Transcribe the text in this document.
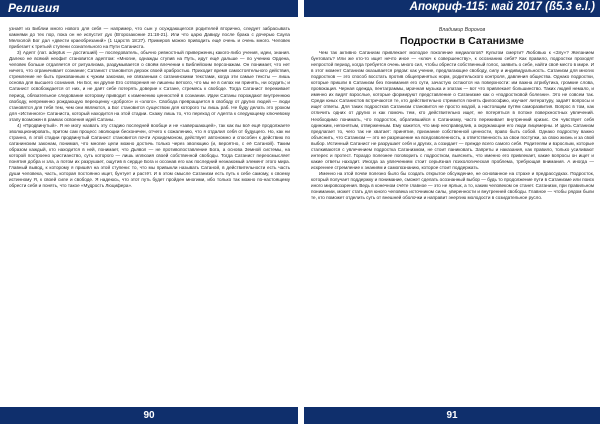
Религия	Апокриф-115: май 2017 (ß5.3 e.l.)

узнаёт из Библии много нового для себя — например, что сын у осуждающегося родителей вторично, следует забрасывать камнями до тех пор, пока он не испустит дух (Второзаконие 21:18-21). Или что царю Давиду после брака с дочерью Саула Мелхолой Бог дал «двести краеобрезаний» (1 Царств 18:27). Примеров можно приводить ещё очень и очень много. Человек прибегает к третьей ступени сознательного на Пути Сатаниста.

3) Адепт (лат. adeptus — достигший) — последователь, обычно ревностный приверженец какого-либо учения, идеи, знания. Далеко не всякий неофит становится адептом: «Многие, однажды ступив на Путь, идут ещё дальше — по учению Ордена, человек больше отдаляется от ритуализма, раздумывается о своём влечении к Библейским персонажам. Он понимает, что нет ничего, что ограничивает сознание; Сатанист становится дерзок своей храбростью. Приходит время самостоятельного действия, стремление не быть прикованным к чужим законам, не связанным с сатанинскими текстами, когда эти самые тексты — лишь основа для высшего сознания. Ни Бог, ни другие Его сотворения не лишены ветхого, что мы не в силах ни принять, ни осудить; и Сатанист освобождается от них, и не даёт себе потерять доверие к Сатане, стремясь к свободе. Тогда Сатанист переживает период, обязательное следование которому приводит к изменению ценностей в сознании. Идеи Сатаны порождают внутреннюю свободу, непременно рождающую переоценку «доброго» и «злого». Свобода превращается в свободу от других людей — люди становятся для тебя тем, чем они являются, а Бог становится существом для которого ты лишь раб. Не буду делать это уроком для «Истинного» Сатаниста, который находится на этой стадии. Скажу лишь то, что переход от Адепта к следующему ключевому этапу возможен в рамках освоения идей Сатаны.

4) «Продвинутый». Я не могу назвать эту стадию последней вообще и не «завершающей», так как вы всё ещё продолжаете эволюционировать, притом сам процесс эволюции бесконечен, отчего к сожалению, что я отдалил себя от будущего. Но, как ни странно, в этой стадии продвинутый Сатанист становится почти Архидемоном, действует автономно и способен к действию по сатанинским законам, понимая, что многие цели можно достичь только через эволюцию (и, вероятно, с её Сатаной). Таким образом каждый, кто находится в ней, понимает, что Дьявол — не противопоставление Бога, а основа Земной системы, на которой построено христианство, суть которого — лишь иллюзия своей собственной свободы. Тогда Сатанист переосмысляет понятия добра и зла, а потом их разрушает, ощутив в сердце Бога и осознав его как последний незнакомый элемент этого мира. Главный вывод, к которому я пришёл на этой ступени: то, что мы привыкли называть Сатаной, в действительности есть часть души человека, часть, которая постоянно ищет, бунтует и растёт. И в этом смысле Сатанизм есть путь к себе самому, к своему истинному Я, к своей силе и свободе. Я надеюсь, что этот путь будет пройден многими, ибо только так можно по-настоящему обрести себя и понять, что такое «Мудрость Люцифера».

Владимир Воронов
Подростки в Сатанизме

Чем так активно Сатанизм привлекает молодое поколение медиалогов? Культом смерти? Любовью к «Злу»? Желанием бунтовать? Или же кто-то ищет нечто иное — «ключ к совершенству», к осознанию себя? Как правило, подростки проходят непростой период, когда требуется очень много сил, чтобы обрести собственный голос, заявить о себе, найти своё место в мире. И в этот момент Сатанизм оказывается рядом: как учение, предлагающее свободу, силу и индивидуальность. Сатанизм для многих подростков — это способ восстать против общепринятых норм, родительского контроля, давления общества. Однако подростки, которые пришли в Сатанизм без понимания его сути, зачастую остаются на поверхности: им важна атрибутика, громкие слова, провокация. Черная одежда, пентаграммы, мрачная музыка и эпатаж — вот что привлекает большинство. Таких людей немало, и именно их видят взрослые, которые формируют представление о Сатанизме как о «подростковой болезни». Это не совсем так. Среди юных Сатанистов встречаются те, кто действительно стремится понять философию, изучает литературу, задаёт вопросы и ищет ответы. Для таких подростков Сатанизм становится не просто модой, а настоящим путём саморазвития. Вопрос в том, как отличить одних от других и как помочь тем, кто действительно ищет, не потеряться в потоке поверхностных увлечений. Необходимо понимать, что подросток, обратившийся к Сатанизму, часто переживает внутренний кризис. Он чувствует себя одиноким, непонятым, отверженным. Ему кажется, что мир несправедлив, а окружающие его люди лицемерны. И здесь Сатанизм предлагает то, чего так не хватает: принятие, признание собственной ценности, право быть собой. Однако подростку важно объяснить, что Сатанизм — это не разрешение на вседозволенность, а ответственность за свои поступки, за свою жизнь и за свой выбор. Истинный Сатанист не разрушает себя и других, а созидает — прежде всего самого себя. Родителям и взрослым, которые сталкиваются с увлечением подростка Сатанизмом, не стоит паниковать. Запреты и наказания, как правило, только усиливают интерес и протест. Гораздо полезнее поговорить с подростком, выяснить, что именно его привлекает, какие вопросы он ищет и какие ответы находит. Иногда за увлечением стоит серьёзная психологическая проблема, требующая внимания. А иногда — искреннее стремление к знаниям и самопознанию, которое стоит поддержать.

Именно на этой почве полезно было бы создать открытое обсуждение, не основанное на страхе и предрассудках. Подросток, который получает поддержку и понимание, сможет сделать осознанный выбор — будь то продолжение пути в Сатанизме или поиск иного мировоззрения. Ведь в конечном счёте главное — это не ярлык, а то, каким человеком он станет. Сатанизм, при правильном понимании, может стать для юного человека источником силы, уверенности и внутренней свободы. Главное — чтобы рядом были те, кто поможет отделить суть от внешней оболочки и направит энергию молодости в созидательное русло.

90	91
